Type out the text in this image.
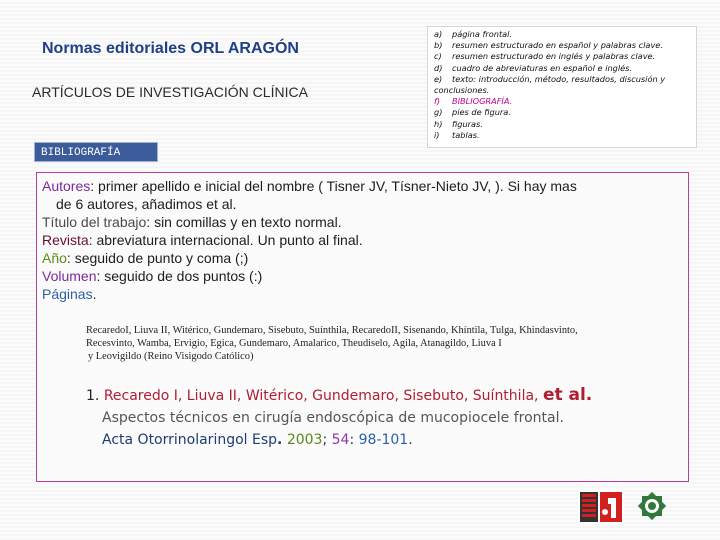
Normas editoriales ORL ARAGÓN
ARTÍCULOS DE INVESTIGACIÓN CLÍNICA
BIBLIOGRAFÍA
a) página frontal.
b) resumen estructurado en español y palabras clave.
c) resumen estructurado en inglés y palabras clave.
d) cuadro de abreviaturas en español e inglés.
e) texto: introducción, método, resultados, discusión y
conclusiones.
f) BIBLIOGRAFÍA.
g) pies de figura.
h) figuras.
i) tablas.

Autores: primer apellido e inicial del nombre ( Tisner JV, Tísner-Nieto JV, ). Si hay mas

de 6 autores, añadimos et al.

Título del trabajo: sin comillas y en texto normal.

Revista: abreviatura internacional. Un punto al final.

Año: seguido de punto y coma (;)

Volumen: seguido de dos puntos (:)

Páginas.

RecaredoI, Liuva II, Witérico, Gundemaro, Sisebuto, Suínthila, RecaredoII, Sisenando, Khíntila, Tulga, Khindasvinto,
Recesvinto, Wamba, Ervigio, Egica, Gundemaro, Amalarico, Theudiselo, Agila, Atanagildo, Liuva I
y Leovigildo (Reino Visigodo Católico)
1. Recaredo I, Liuva II, Witérico, Gundemaro, Sisebuto, Suínthila, et al.
Aspectos técnicos en cirugía endoscópica de mucopiocele frontal.
Acta Otorrinolaringol Esp. 2003; 54: 98-101.
